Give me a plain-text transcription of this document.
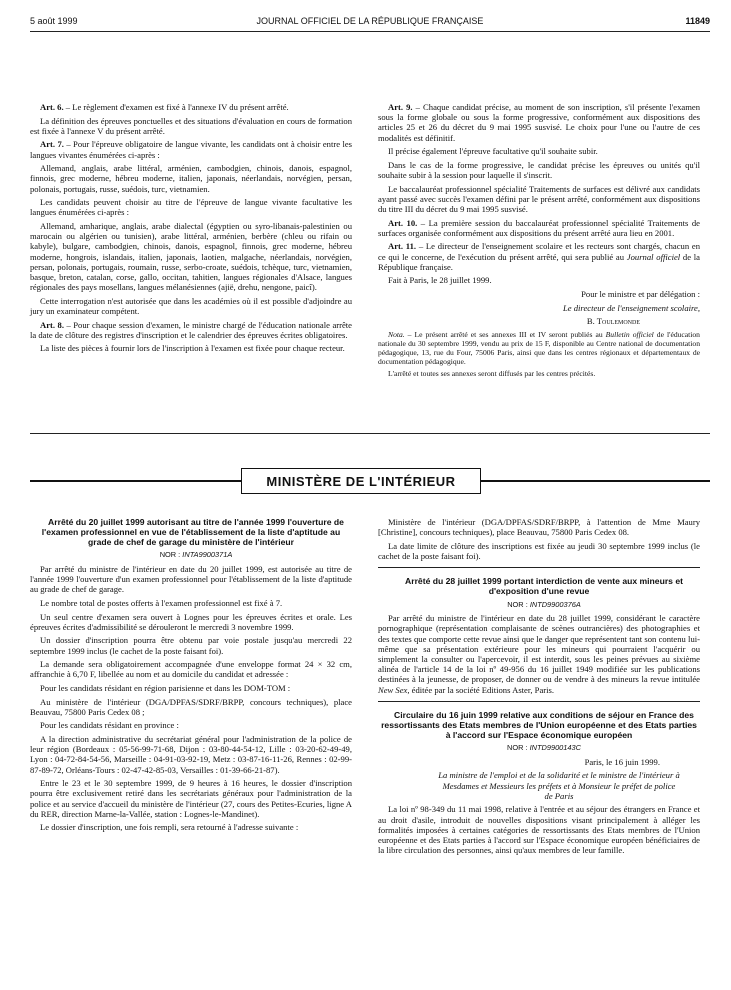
5 août 1999	JOURNAL OFFICIEL DE LA RÉPUBLIQUE FRANÇAISE	11849

Art. 6. – Le règlement d'examen est fixé à l'annexe IV du présent arrêté.

La définition des épreuves ponctuelles et des situations d'évaluation en cours de formation est fixée à l'annexe V du présent arrêté.

Art. 7. – Pour l'épreuve obligatoire de langue vivante, les candidats ont à choisir entre les langues vivantes énumérées ci-après :

Allemand, anglais, arabe littéral, arménien, cambodgien, chinois, danois, espagnol, finnois, grec moderne, hébreu moderne, italien, japonais, néerlandais, norvégien, persan, polonais, portugais, russe, suédois, turc, vietnamien.

Les candidats peuvent choisir au titre de l'épreuve de langue vivante facultative les langues énumérées ci-après :

Allemand, amharique, anglais, arabe dialectal (égyptien ou syro-libanais-palestinien ou marocain ou algérien ou tunisien), arabe littéral, arménien, berbère (chleu ou rifain ou kabyle), bulgare, cambodgien, chinois, danois, espagnol, finnois, grec moderne, hébreu moderne, hongrois, islandais, italien, japonais, laotien, malgache, néerlandais, norvégien, persan, polonais, portugais, roumain, russe, serbo-croate, suédois, tchèque, turc, vietnamien, basque, breton, catalan, corse, gallo, occitan, tahitien, langues régionales d'Alsace, langues régionales des pays mosellans, langues mélanésiennes (ajië, drehu, nengone, paicî).

Cette interrogation n'est autorisée que dans les académies où il est possible d'adjoindre au jury un examinateur compétent.

Art. 8. – Pour chaque session d'examen, le ministre chargé de l'éducation nationale arrête la date de clôture des registres d'inscription et le calendrier des épreuves écrites obligatoires.

La liste des pièces à fournir lors de l'inscription à l'examen est fixée pour chaque recteur.

Art. 9. – Chaque candidat précise, au moment de son inscription, s'il présente l'examen sous la forme globale ou sous la forme progressive, conformément aux dispositions des articles 25 et 26 du décret du 9 mai 1995 susvisé. Le choix pour l'une ou l'autre de ces modalités est définitif.

Il précise également l'épreuve facultative qu'il souhaite subir.

Dans le cas de la forme progressive, le candidat précise les épreuves ou unités qu'il souhaite subir à la session pour laquelle il s'inscrit.

Le baccalauréat professionnel spécialité Traitements de surfaces est délivré aux candidats ayant passé avec succès l'examen défini par le présent arrêté, conformément aux dispositions du titre III du décret du 9 mai 1995 susvisé.

Art. 10. – La première session du baccalauréat professionnel spécialité Traitements de surfaces organisée conformément aux dispositions du présent arrêté aura lieu en 2001.

Art. 11. – Le directeur de l'enseignement scolaire et les recteurs sont chargés, chacun en ce qui le concerne, de l'exécution du présent arrêté, qui sera publié au Journal officiel de la République française.

Fait à Paris, le 28 juillet 1999.

Pour le ministre et par délégation :

Le directeur de l'enseignement scolaire,

B. Toulemonde

Nota. – Le présent arrêté et ses annexes III et IV seront publiés au Bulletin officiel de l'éducation nationale du 30 septembre 1999, vendu au prix de 15 F, disponible au Centre national de documentation pédagogique, 13, rue du Four, 75006 Paris, ainsi que dans les centres régionaux et départementaux de documentation pédagogique.

L'arrêté et toutes ses annexes seront diffusés par les centres précités.

MINISTÈRE DE L'INTÉRIEUR

Arrêté du 20 juillet 1999 autorisant au titre de l'année 1999 l'ouverture de l'examen professionnel en vue de l'établissement de la liste d'aptitude au grade de chef de garage du ministère de l'intérieur

NOR : INTA9900371A

Par arrêté du ministre de l'intérieur en date du 20 juillet 1999, est autorisée au titre de l'année 1999 l'ouverture d'un examen professionnel pour l'établissement de la liste d'aptitude au grade de chef de garage.

Le nombre total de postes offerts à l'examen professionnel est fixé à 7.

Un seul centre d'examen sera ouvert à Lognes pour les épreuves écrites et orale. Les épreuves écrites d'admissibilité se dérouleront le mercredi 3 novembre 1999.

Un dossier d'inscription pourra être obtenu par voie postale jusqu'au mercredi 22 septembre 1999 inclus (le cachet de la poste faisant foi).

La demande sera obligatoirement accompagnée d'une enveloppe format 24 × 32 cm, affranchie à 6,70 F, libellée au nom et au domicile du candidat et adressée :

Pour les candidats résidant en région parisienne et dans les DOM-TOM :

Au ministère de l'intérieur (DGA/DPFAS/SDRF/BRPP, concours techniques), place Beauvau, 75800 Paris Cedex 08 ;

Pour les candidats résidant en province :

A la direction administrative du secrétariat général pour l'administration de la police de leur région (Bordeaux : 05-56-99-71-68, Dijon : 03-80-44-54-12, Lille : 03-20-62-49-49, Lyon : 04-72-84-54-56, Marseille : 04-91-03-92-19, Metz : 03-87-16-11-26, Rennes : 02-99-87-89-72, Orléans-Tours : 02-47-42-85-03, Versailles : 01-39-66-21-87).

Entre le 23 et le 30 septembre 1999, de 9 heures à 16 heures, le dossier d'inscription pourra être exclusivement retiré dans les secrétariats généraux pour l'administration de la police et au service d'accueil du ministère de l'intérieur (27, cours des Petites-Ecuries, ligne A du RER, direction Marne-la-Vallée, station : Lognes-le-Mandinet).

Le dossier d'inscription, une fois rempli, sera retourné à l'adresse suivante :

Ministère de l'intérieur (DGA/DPFAS/SDRF/BRPP, à l'attention de Mme Maury [Christine], concours techniques), place Beauvau, 75800 Paris Cedex 08.

La date limite de clôture des inscriptions est fixée au jeudi 30 septembre 1999 inclus (le cachet de la poste faisant foi).

Arrêté du 28 juillet 1999 portant interdiction de vente aux mineurs et d'exposition d'une revue

NOR : INTD9900376A

Par arrêté du ministre de l'intérieur en date du 28 juillet 1999, considérant le caractère pornographique (représentation complaisante de scènes outrancières) des photographies et des textes que comporte cette revue ainsi que le danger que représentent tant son contenu lui-même que sa présentation extérieure pour les mineurs qui pourraient l'acquérir ou simplement la consulter ou l'apercevoir, il est interdit, sous les peines prévues au sixième alinéa de l'article 14 de la loi nº 49-956 du 16 juillet 1949 modifiée sur les publications destinées à la jeunesse, de proposer, de donner ou de vendre à des mineurs la revue intitulée New Sex, éditée par la société Editions Aster, Paris.

Circulaire du 16 juin 1999 relative aux conditions de séjour en France des ressortissants des Etats membres de l'Union européenne et des Etats parties à l'accord sur l'Espace économique européen

NOR : INTD9900143C

Paris, le 16 juin 1999.

La ministre de l'emploi et de la solidarité et le ministre de l'intérieur à Mesdames et Messieurs les préfets et à Monsieur le préfet de police de Paris

La loi nº 98-349 du 11 mai 1998, relative à l'entrée et au séjour des étrangers en France et au droit d'asile, introduit de nouvelles dispositions visant principalement à alléger les formalités imposées à certaines catégories de ressortissants des Etats membres de l'Union européenne et des Etats parties à l'accord sur l'Espace économique européen bénéficiaires de la libre circulation des personnes, ainsi qu'aux membres de leur famille.
